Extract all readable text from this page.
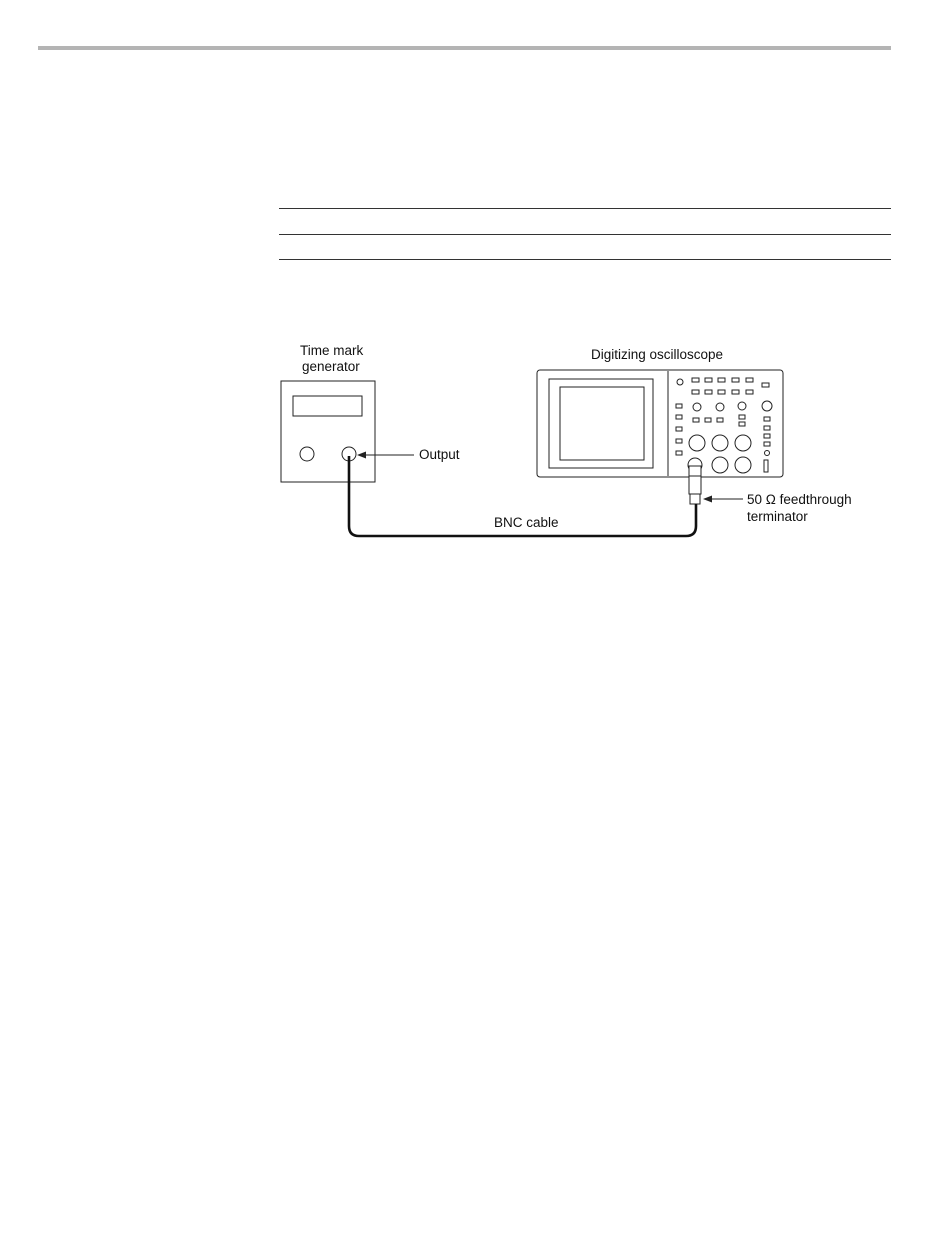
Time mark
generator
Digitizing oscilloscope
Output
50 Ω feedthrough
terminator
BNC cable
